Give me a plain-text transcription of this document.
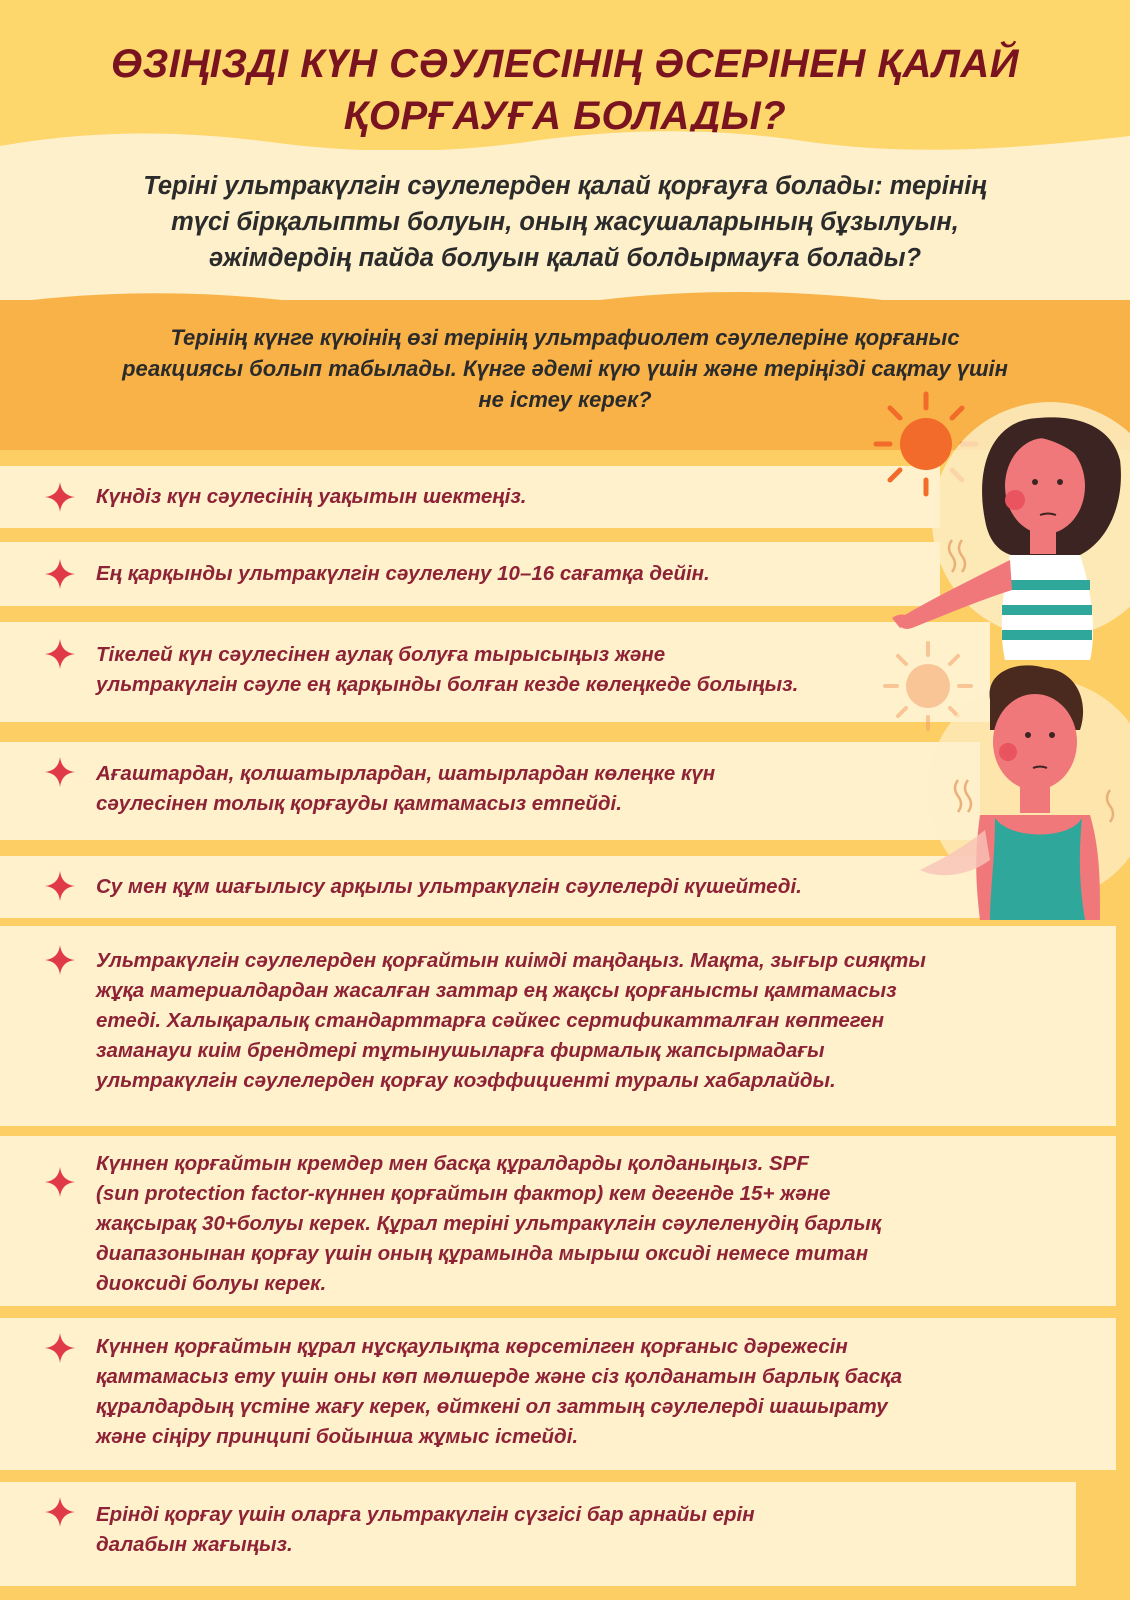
ӨЗІҢІЗДІ КҮН СӘУЛЕСІНІҢ ӘСЕРІНЕН ҚАЛАЙ
ҚОРҒАУҒА БОЛАДЫ?

Теріні ультракүлгін сәулелерден қалай қорғауға болады: терінің
түсі бірқалыпты болуын, оның жасушаларының бұзылуын,
әжімдердің пайда болуын қалай болдырмауға болады?

Терінің күнге күюінің өзі терінің ультрафиолет сәулелеріне қорғаныс
реакциясы болып табылады. Күнге әдемі күю үшін және теріңізді сақтау үшін
не істеу керек?

Күндіз күн сәулесінің уақытын шектеңіз.

Ең қарқынды ультракүлгін сәулелену 10–16 сағатқа дейін.

Тікелей күн сәулесінен аулақ болуға тырысыңыз және
ультракүлгін сәуле ең қарқынды болған кезде көлеңкеде болыңыз.

Ағаштардан, қолшатырлардан, шатырлардан көлеңке күн
сәулесінен толық қорғауды қамтамасыз етпейді.

Су мен құм шағылысу арқылы ультракүлгін сәулелерді күшейтеді.

Ультракүлгін сәулелерден қорғайтын киімді таңдаңыз. Мақта, зығыр сияқты
жұқа материалдардан жасалған заттар ең жақсы қорғанысты қамтамасыз
етеді. Халықаралық стандарттарға сәйкес сертификатталған көптеген
заманауи киім брендтері тұтынушыларға фирмалық жапсырмадағы
ультракүлгін сәулелерден қорғау коэффициенті туралы хабарлайды.

Күннен қорғайтын кремдер мен басқа құралдарды қолданыңыз. SPF
(sun protection factor-күннен қорғайтын фактор) кем дегенде 15+ және
жақсырақ 30+болуы керек. Құрал теріні ультракүлгін сәулеленудің барлық
диапазонынан қорғау үшін оның құрамында мырыш оксиді немесе титан
диоксиді болуы керек.

Күннен қорғайтын құрал нұсқаулықта көрсетілген қорғаныс дәрежесін
қамтамасыз ету үшін оны көп мөлшерде және сіз қолданатын барлық басқа
құралдардың үстіне жағу керек, өйткені ол заттың сәулелерді шашырату
және сіңіру принципі бойынша жұмыс істейді.

Еріндi қорғау үшін оларға ультракүлгін сүзгісі бар арнайы ерін
далабын жағыңыз.
